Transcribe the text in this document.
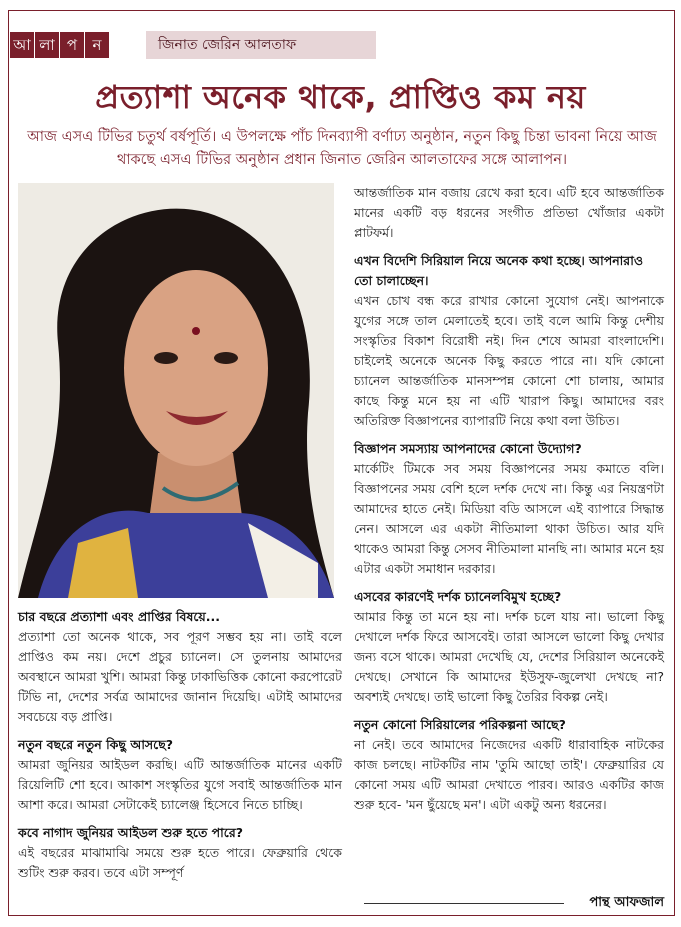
আ লা প	ন	জিনাত জেরিন আলতাফ
প্রত্যাশা অনেক থাকে, প্রাপ্তিও কম নয়
আজ এসএ টিভির চতুর্থ বর্ষপূর্তি। এ উপলক্ষে পাঁচ দিনব্যাপী বর্ণাঢ্য অনুষ্ঠান, নতুন কিছু চিন্তা ভাবনা নিয়ে আজ থাকছে এসএ টিভির অনুষ্ঠান প্রধান জিনাত জেরিন আলতাফের সঙ্গে আলাপন।

চার বছরে প্রত্যাশা এবং প্রাপ্তির বিষয়ে...

প্রত্যাশা তো অনেক থাকে, সব পূরণ সম্ভব হয় না। তাই বলে প্রাপ্তিও কম নয়। দেশে প্রচুর চ্যানেল। সে তুলনায় আমাদের অবস্থানে আমরা খুশি। আমরা কিন্তু ঢাকাভিত্তিক কোনো করপোরেট টিভি না, দেশের সর্বত্র আমাদের জানান দিয়েছি। এটাই আমাদের সবচেয়ে বড় প্রাপ্তি।

নতুন বছরে নতুন কিছু আসছে?

আমরা জুনিয়র আইডল করছি। এটি আন্তর্জাতিক মানের একটি রিয়েলিটি শো হবে। আকাশ সংস্কৃতির যুগে সবাই আন্তর্জাতিক মান আশা করে। আমরা সেটাকেই চ্যালেঞ্জ হিসেবে নিতে চাচ্ছি।

কবে নাগাদ জুনিয়র আইডল শুরু হতে পারে?

এই বছরের মাঝামাঝি সময়ে শুরু হতে পারে। ফেব্রুয়ারি থেকে শুটিং শুরু করব। তবে এটা সম্পূর্ণ

আন্তর্জাতিক মান বজায় রেখে করা হবে। এটি হবে আন্তর্জাতিক মানের একটি বড় ধরনের সংগীত প্রতিভা খোঁজার একটা প্লাটফর্ম।

এখন বিদেশি সিরিয়াল নিয়ে অনেক কথা হচ্ছে। আপনারাও তো চালাচ্ছেন।

এখন চোখ বন্ধ করে রাখার কোনো সুযোগ নেই। আপনাকে যুগের সঙ্গে তাল মেলাতেই হবে। তাই বলে আমি কিন্তু দেশীয় সংস্কৃতির বিকাশ বিরোধী নই। দিন শেষে আমরা বাংলাদেশি। চাইলেই অনেকে অনেক কিছু করতে পারে না। যদি কোনো চ্যানেল আন্তর্জাতিক মানসম্পন্ন কোনো শো চালায়, আমার কাছে কিন্তু মনে হয় না এটি খারাপ কিছু। আমাদের বরং অতিরিক্ত বিজ্ঞাপনের ব্যাপারটি নিয়ে কথা বলা উচিত।

বিজ্ঞাপন সমস্যায় আপনাদের কোনো উদ্যোগ?

মার্কেটিং টিমকে সব সময় বিজ্ঞাপনের সময় কমাতে বলি। বিজ্ঞাপনের সময় বেশি হলে দর্শক দেখে না। কিন্তু এর নিয়ন্ত্রণটা আমাদের হাতে নেই। মিডিয়া বডি আসলে এই ব্যাপারে সিদ্ধান্ত নেন। আসলে এর একটা নীতিমালা থাকা উচিত। আর যদি থাকেও আমরা কিন্তু সেসব নীতিমালা মানছি না। আমার মনে হয় এটার একটা সমাধান দরকার।

এসবের কারণেই দর্শক চ্যানেলবিমুখ হচ্ছে?

আমার কিন্তু তা মনে হয় না। দর্শক চলে যায় না। ভালো কিছু দেখালে দর্শক ফিরে আসবেই। তারা আসলে ভালো কিছু দেখার জন্য বসে থাকে। আমরা দেখেছি যে, দেশের সিরিয়াল অনেকেই দেখছে। সেখানে কি আমাদের ইউসুফ-জুলেখা দেখছে না? অবশ্যই দেখছে। তাই ভালো কিছু তৈরির বিকল্প নেই।

নতুন কোনো সিরিয়ালের পরিকল্পনা আছে?

না নেই। তবে আমাদের নিজেদের একটি ধারাবাহিক নাটকের কাজ চলছে। নাটকটির নাম 'তুমি আছো তাই'। ফেব্রুয়ারির যে কোনো সময় এটি আমরা দেখাতে পারব। আরও একটির কাজ শুরু হবে- 'মন ছুঁয়েছে মন'। এটা একটু অন্য ধরনের।

পান্থ আফজাল
